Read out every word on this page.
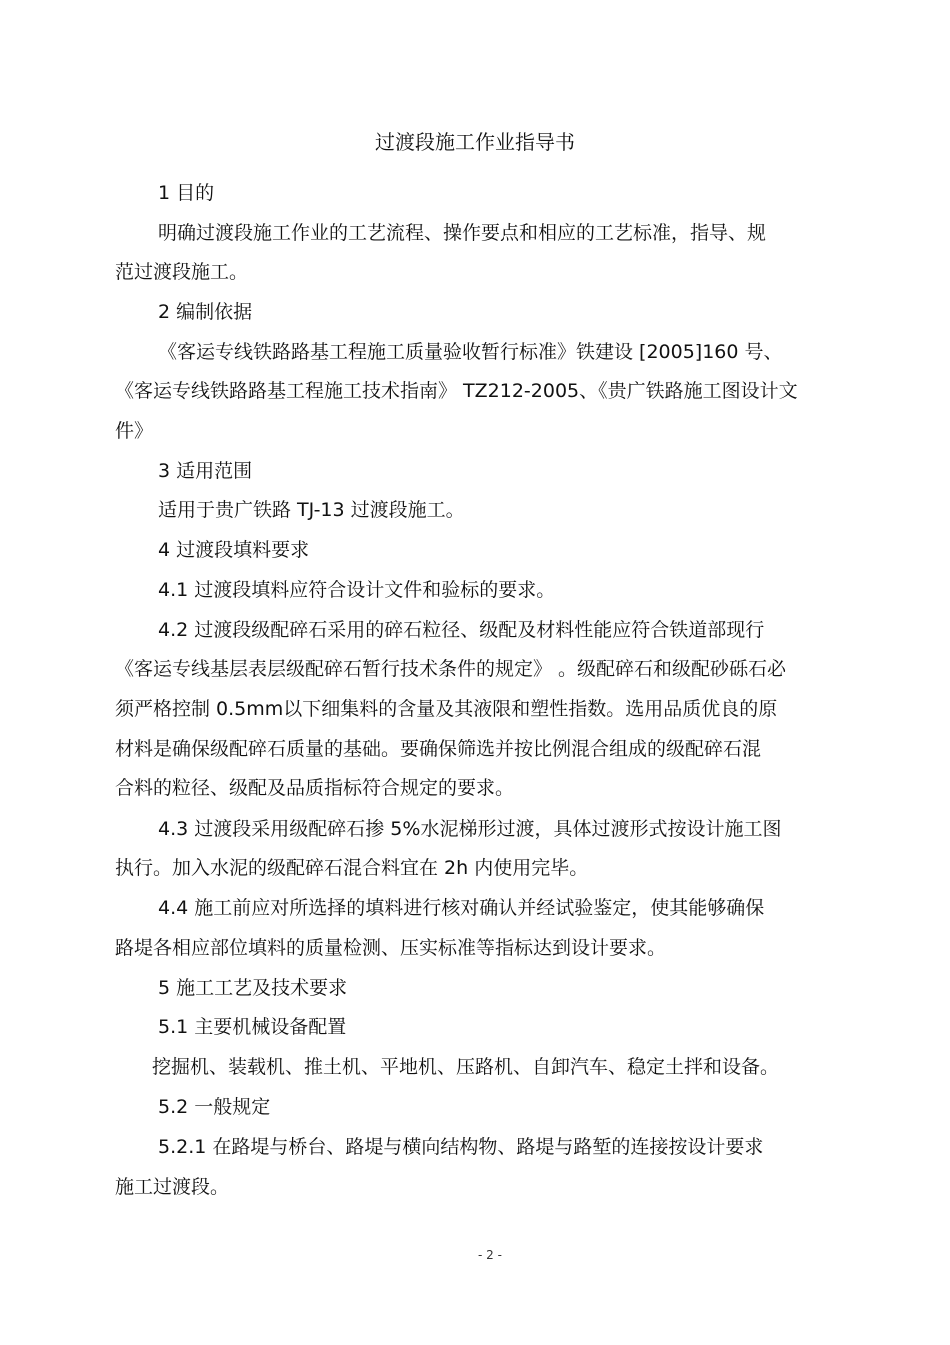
过渡段施工作业指导书
1 目的
明确过渡段施工作业的工艺流程、操作要点和相应的工艺标准，指导、规
范过渡段施工。
2 编制依据
《客运专线铁路路基工程施工质量验收暂行标准》铁建设 [2005]160 号、
《客运专线铁路路基工程施工技术指南》 TZ212-2005、《贵广铁路施工图设计文
件》
3 适用范围
适用于贵广铁路 TJ-13 过渡段施工。
4 过渡段填料要求
4.1 过渡段填料应符合设计文件和验标的要求。
4.2 过渡段级配碎石采用的碎石粒径、级配及材料性能应符合铁道部现行
《客运专线基层表层级配碎石暂行技术条件的规定》 。级配碎石和级配砂砾石必
须严格控制 0.5mm以下细集料的含量及其液限和塑性指数。选用品质优良的原
材料是确保级配碎石质量的基础。要确保筛选并按比例混合组成的级配碎石混
合料的粒径、级配及品质指标符合规定的要求。
4.3 过渡段采用级配碎石掺 5%水泥梯形过渡，具体过渡形式按设计施工图
执行。加入水泥的级配碎石混合料宜在 2h 内使用完毕。
4.4 施工前应对所选择的填料进行核对确认并经试验鉴定，使其能够确保
路堤各相应部位填料的质量检测、压实标准等指标达到设计要求。
5 施工工艺及技术要求
5.1 主要机械设备配置
挖掘机、装载机、推土机、平地机、压路机、自卸汽车、稳定土拌和设备。
5.2 一般规定
5.2.1 在路堤与桥台、路堤与横向结构物、路堤与路堑的连接按设计要求
施工过渡段。
- 2 -
